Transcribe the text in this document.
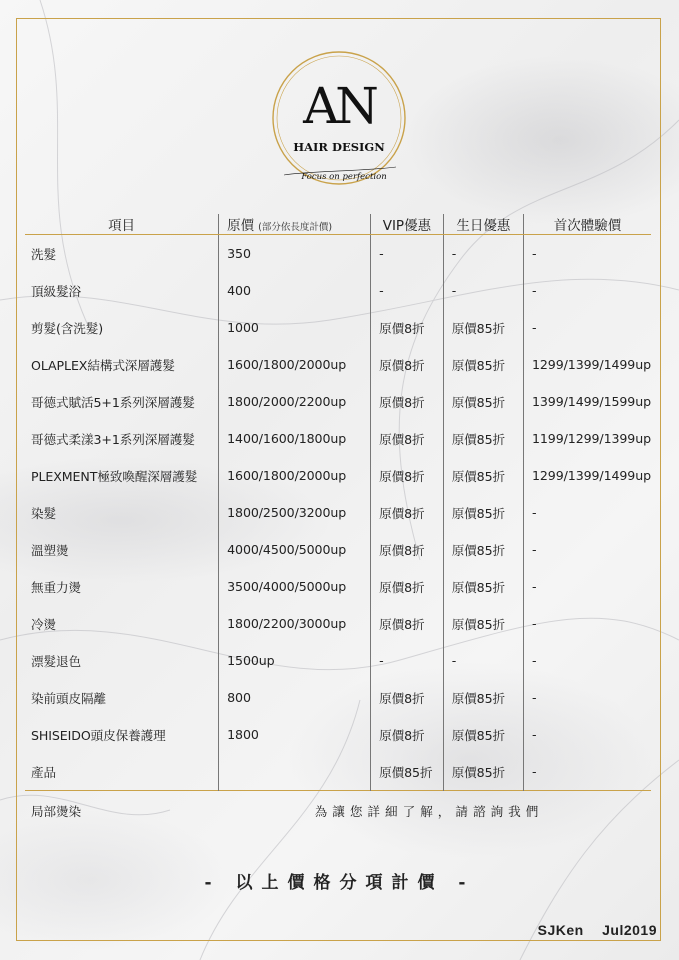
AN
HAIR DESIGN
Focus on perfection
項目	原價 (部分依長度計價)	VIP優惠	生日優惠	首次體驗價
洗髮	350	-	-	-
頂級髮浴	400	-	-	-
剪髮(含洗髮)	1000	原價8折	原價85折	-
OLAPLEX結構式深層護髮	1600/1800/2000up	原價8折	原價85折	1299/1399/1499up
哥德式賦活5+1系列深層護髮	1800/2000/2200up	原價8折	原價85折	1399/1499/1599up
哥德式柔漾3+1系列深層護髮	1400/1600/1800up	原價8折	原價85折	1199/1299/1399up
PLEXMENT極致喚醒深層護髮	1600/1800/2000up	原價8折	原價85折	1299/1399/1499up
染髮	1800/2500/3200up	原價8折	原價85折	-
溫塑燙	4000/4500/5000up	原價8折	原價85折	-
無重力燙	3500/4000/5000up	原價8折	原價85折	-
冷燙	1800/2200/3000up	原價8折	原價85折	-
漂髮退色	1500up	-	-	-
染前頭皮隔離	800	原價8折	原價85折	-
SHISEIDO頭皮保養護理	1800	原價8折	原價85折	-
產品		原價85折	原價85折	-
局部燙染	為讓您詳細了解，請諮詢我們			
- 以上價格分項計價 -
SJKen Jul2019
